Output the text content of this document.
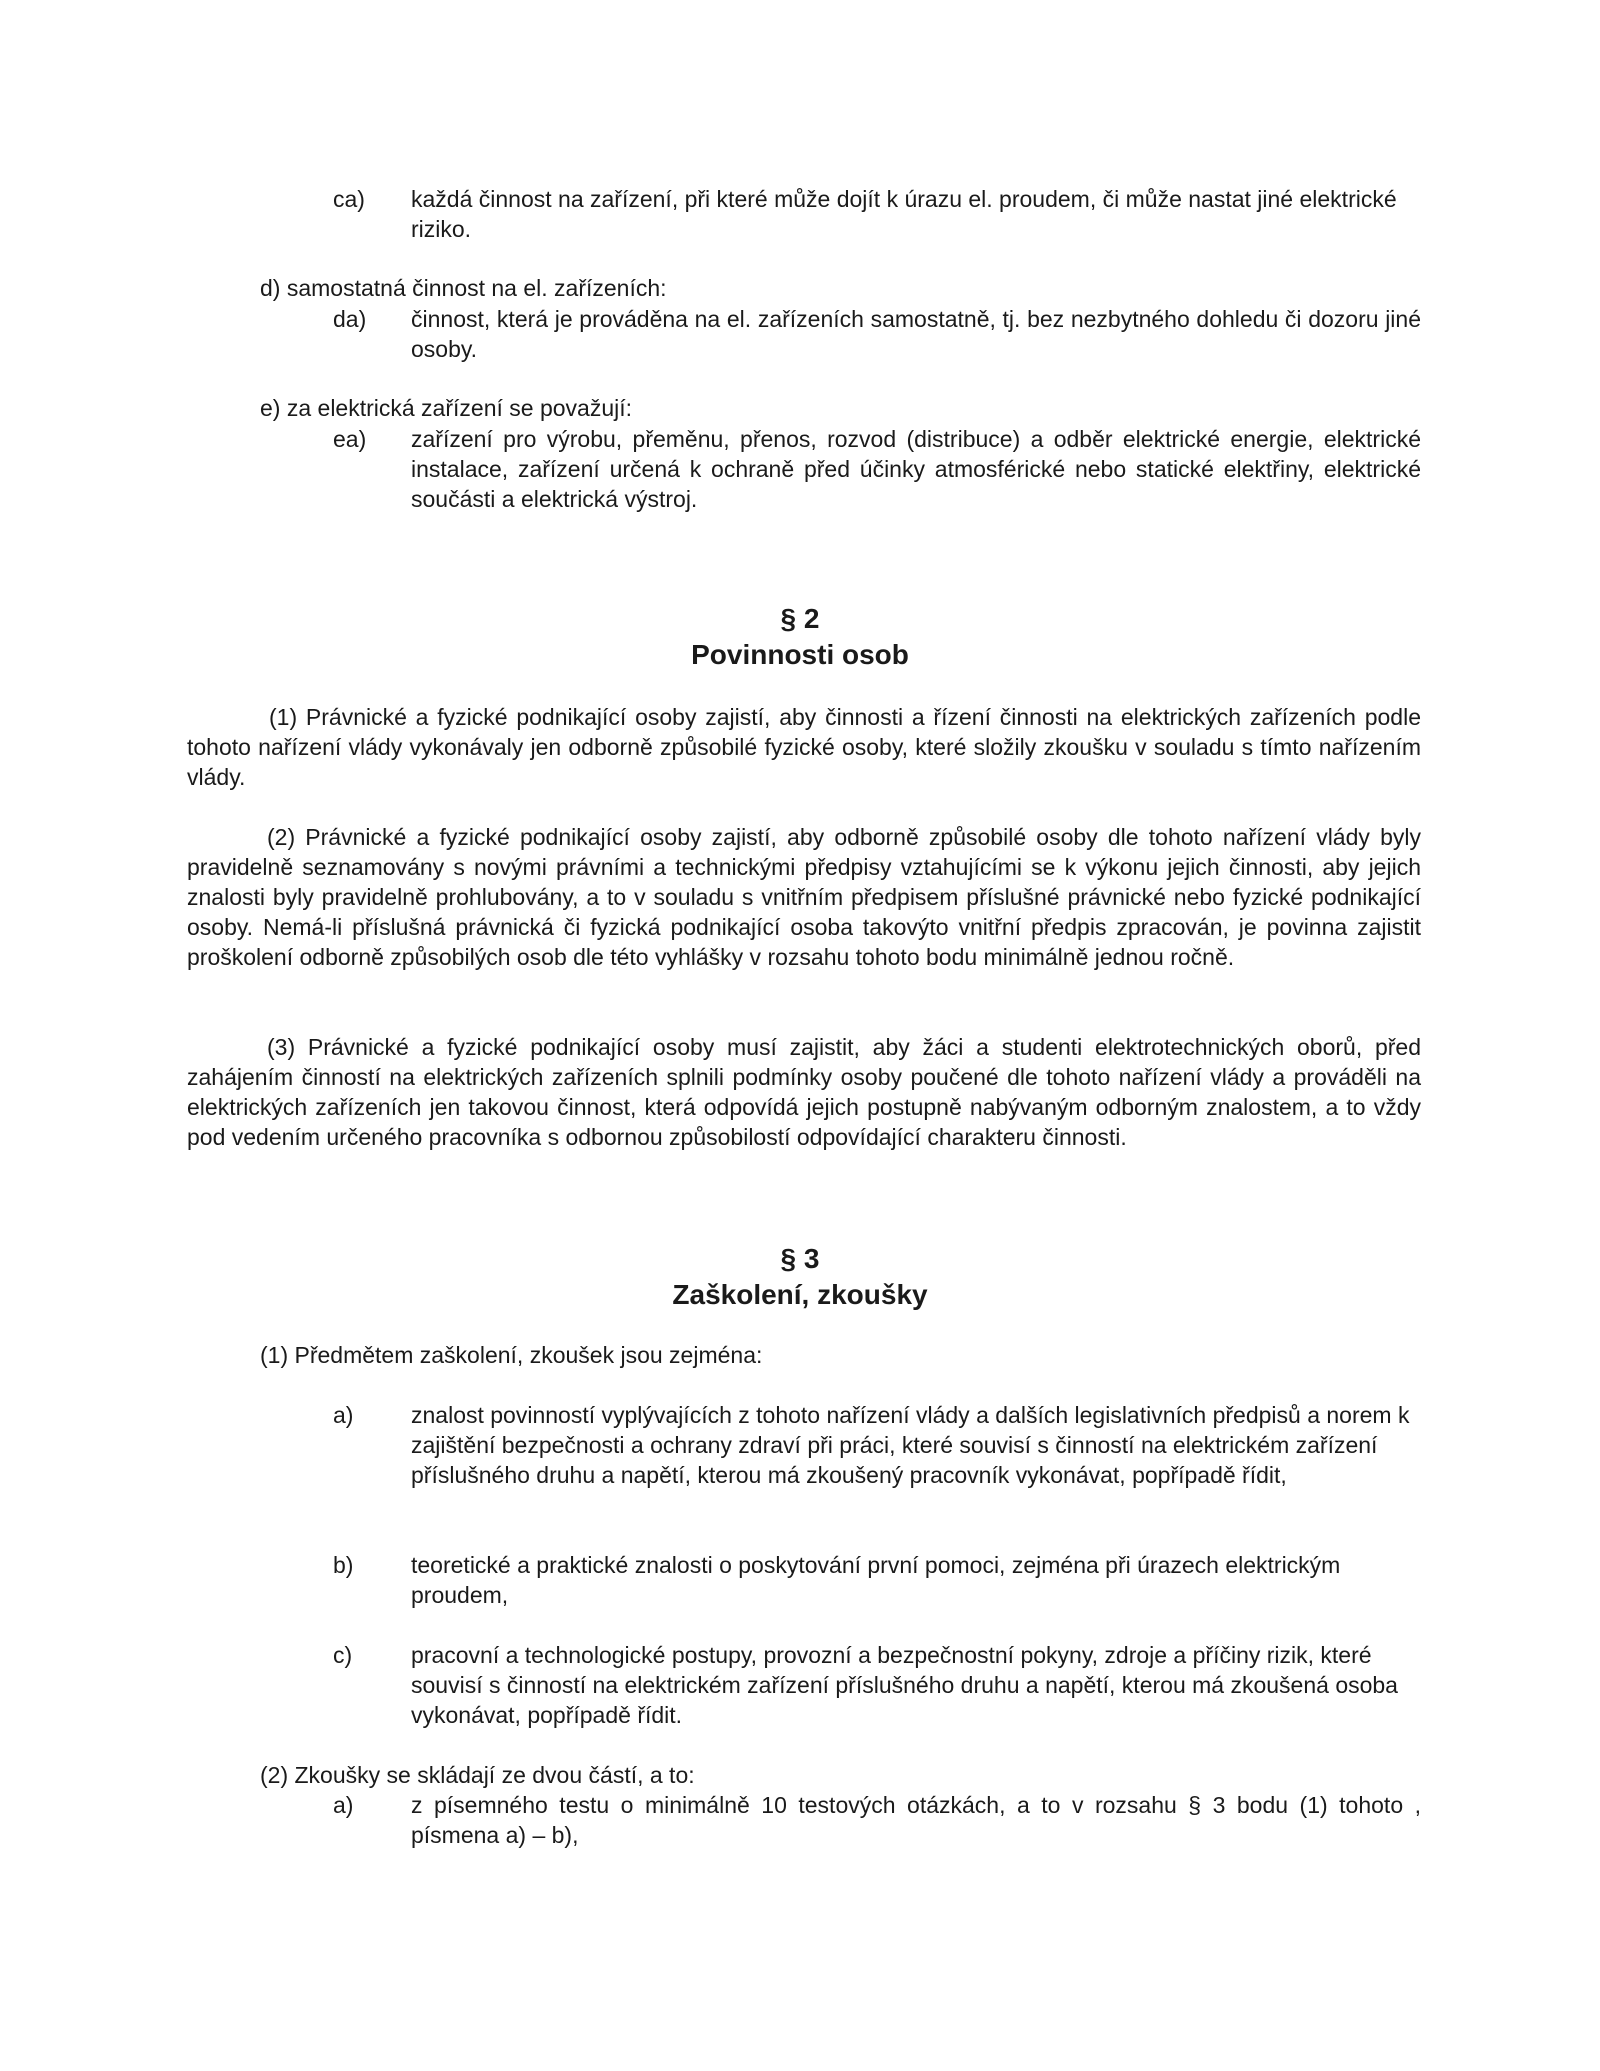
ca) každá činnost na zařízení, při které může dojít k úrazu el. proudem, či může nastat jiné elektrické riziko.
d) samostatná činnost na el. zařízeních:
da) činnost, která je prováděna na el. zařízeních samostatně, tj. bez nezbytného dohledu či dozoru jiné osoby.
e) za elektrická zařízení se považují:
ea) zařízení pro výrobu, přeměnu, přenos, rozvod (distribuce) a odběr elektrické energie, elektrické instalace, zařízení určená k ochraně před účinky atmosférické nebo statické elektřiny, elektrické součásti a elektrická výstroj.
§ 2
Povinnosti osob
(1) Právnické a fyzické podnikající osoby zajistí, aby činnosti a řízení činnosti na elektrických zařízeních podle tohoto nařízení vlády vykonávaly jen odborně způsobilé fyzické osoby, které složily zkoušku v souladu s tímto nařízením vlády.
(2) Právnické a fyzické podnikající osoby zajistí, aby odborně způsobilé osoby dle tohoto nařízení vlády byly pravidelně seznamovány s novými právními a technickými předpisy vztahujícími se k výkonu jejich činnosti, aby jejich znalosti byly pravidelně prohlubovány, a to v souladu s vnitřním předpisem příslušné právnické nebo fyzické podnikající osoby. Nemá-li příslušná právnická či fyzická podnikající osoba takovýto vnitřní předpis zpracován, je povinna zajistit proškolení odborně způsobilých osob dle této vyhlášky v rozsahu tohoto bodu minimálně jednou ročně.
(3) Právnické a fyzické podnikající osoby musí zajistit, aby žáci a studenti elektrotechnických oborů, před zahájením činností na elektrických zařízeních splnili podmínky osoby poučené dle tohoto nařízení vlády a prováděli na elektrických zařízeních jen takovou činnost, která odpovídá jejich postupně nabývaným odborným znalostem, a to vždy pod vedením určeného pracovníka s odbornou způsobilostí odpovídající charakteru činnosti.
§ 3
Zaškolení, zkoušky
(1) Předmětem zaškolení, zkoušek jsou zejména:
a)	znalost povinností vyplývajících z tohoto nařízení vlády a dalších legislativních předpisů a norem k zajištění bezpečnosti a ochrany zdraví při práci, které souvisí s činností na elektrickém zařízení příslušného druhu a napětí, kterou má zkoušený pracovník vykonávat, popřípadě řídit,
b)	teoretické a praktické znalosti o poskytování první pomoci, zejména při úrazech elektrickým proudem,
c)	pracovní a technologické postupy, provozní a bezpečnostní pokyny, zdroje a příčiny rizik, které souvisí s činností na elektrickém zařízení příslušného druhu a napětí, kterou má zkoušená osoba vykonávat, popřípadě řídit.
(2) Zkoušky se skládají ze dvou částí, a to:
a)	z písemného testu o minimálně 10 testových otázkách, a to v rozsahu § 3 bodu (1) tohoto , písmena a) – b),
